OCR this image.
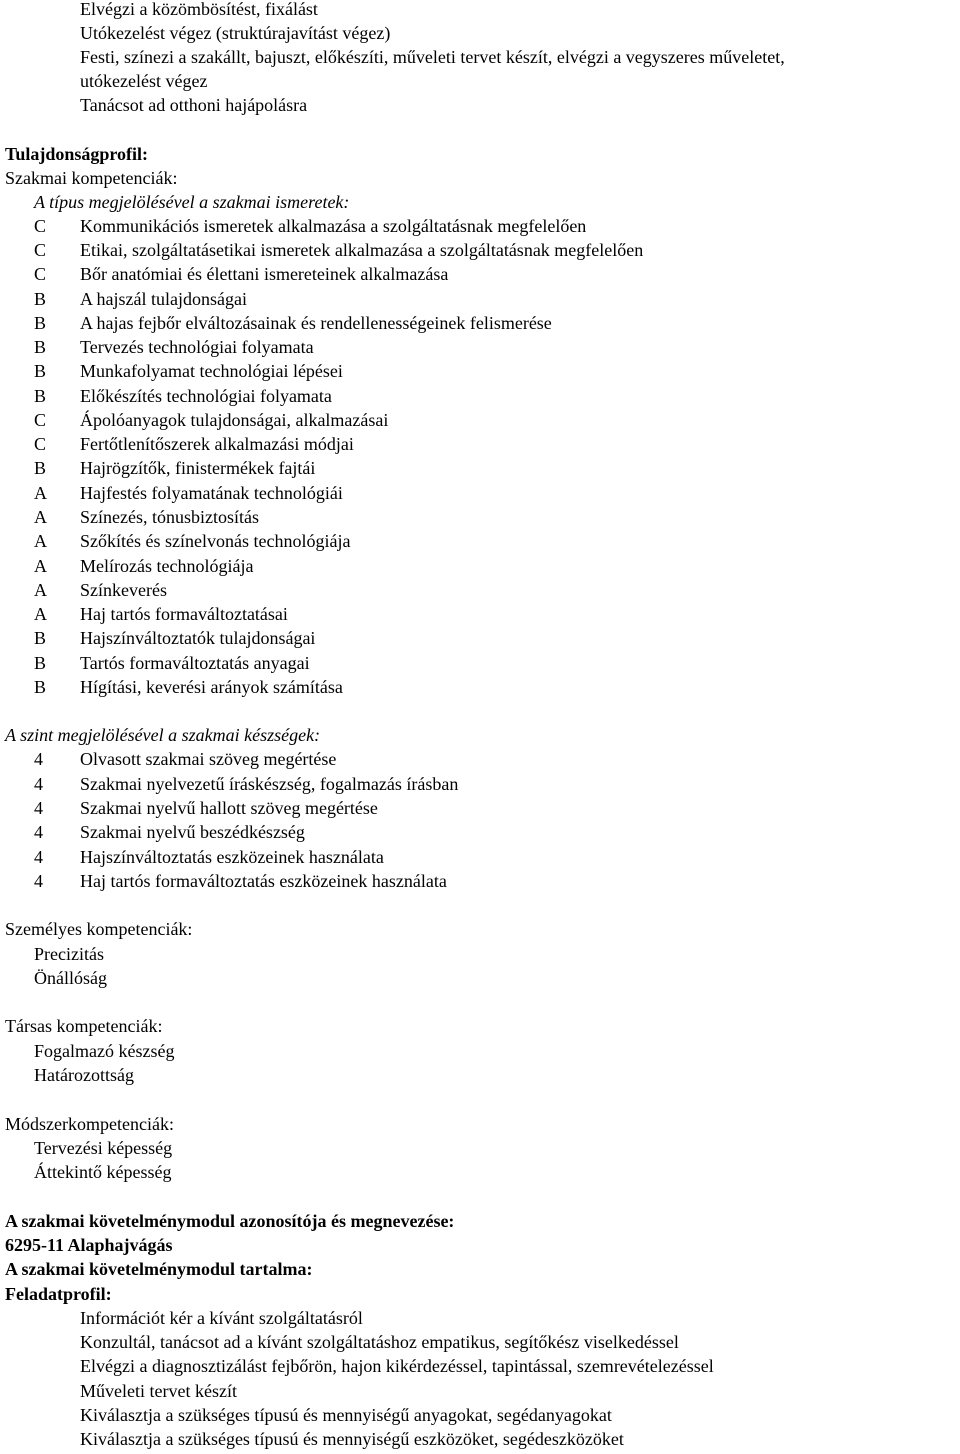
Elvégzi a közömbösítést, fixálást
Utókezelést végez (struktúrajavítást végez)
Festi, színezi a szakállt, bajuszt, előkészíti, műveleti tervet készít, elvégzi a vegyszeres műveletet,
utókezelést végez
Tanácsot ad otthoni hajápolásra
Tulajdonságprofil:
Szakmai kompetenciák:
A típus megjelölésével a szakmai ismeretek:
C	Kommunikációs ismeretek alkalmazása a szolgáltatásnak megfelelően
C	Etikai, szolgáltatásetikai ismeretek alkalmazása a szolgáltatásnak megfelelően
C	Bőr anatómiai és élettani ismereteinek alkalmazása
B	A hajszál tulajdonságai
B	A hajas fejbőr elváltozásainak és rendellenességeinek felismerése
B	Tervezés technológiai folyamata
B	Munkafolyamat technológiai lépései
B	Előkészítés technológiai folyamata
C	Ápolóanyagok tulajdonságai, alkalmazásai
C	Fertőtlenítőszerek alkalmazási módjai
B	Hajrögzítők, finistermékek fajtái
A	Hajfestés folyamatának technológiái
A	Színezés, tónusbiztosítás
A	Szőkítés és színelvonás technológiája
A	Melírozás technológiája
A	Színkeverés
A	Haj tartós formaváltoztatásai
B	Hajszínváltoztatók tulajdonságai
B	Tartós formaváltoztatás anyagai
B	Hígítási, keverési arányok számítása
A szint megjelölésével a szakmai készségek:
4	Olvasott szakmai szöveg megértése
4	Szakmai nyelvezetű íráskészség, fogalmazás írásban
4	Szakmai nyelvű hallott szöveg megértése
4	Szakmai nyelvű beszédkészség
4	Hajszínváltoztatás eszközeinek használata
4	Haj tartós formaváltoztatás eszközeinek használata
Személyes kompetenciák:
Precizitás
Önállóság
Társas kompetenciák:
Fogalmazó készség
Határozottság
Módszerkompetenciák:
Tervezési képesség
Áttekintő képesség
A szakmai követelménymodul azonosítója és megnevezése:
6295-11 Alaphajvágás
A szakmai követelménymodul tartalma:
Feladatprofil:
Információt kér a kívánt szolgáltatásról
Konzultál, tanácsot ad a kívánt szolgáltatáshoz empatikus, segítőkész viselkedéssel
Elvégzi a diagnosztizálást fejbőrön, hajon kikérdezéssel, tapintással, szemrevételezéssel
Műveleti tervet készít
Kiválasztja a szükséges típusú és mennyiségű anyagokat, segédanyagokat
Kiválasztja a szükséges típusú és mennyiségű eszközöket, segédeszközöket
